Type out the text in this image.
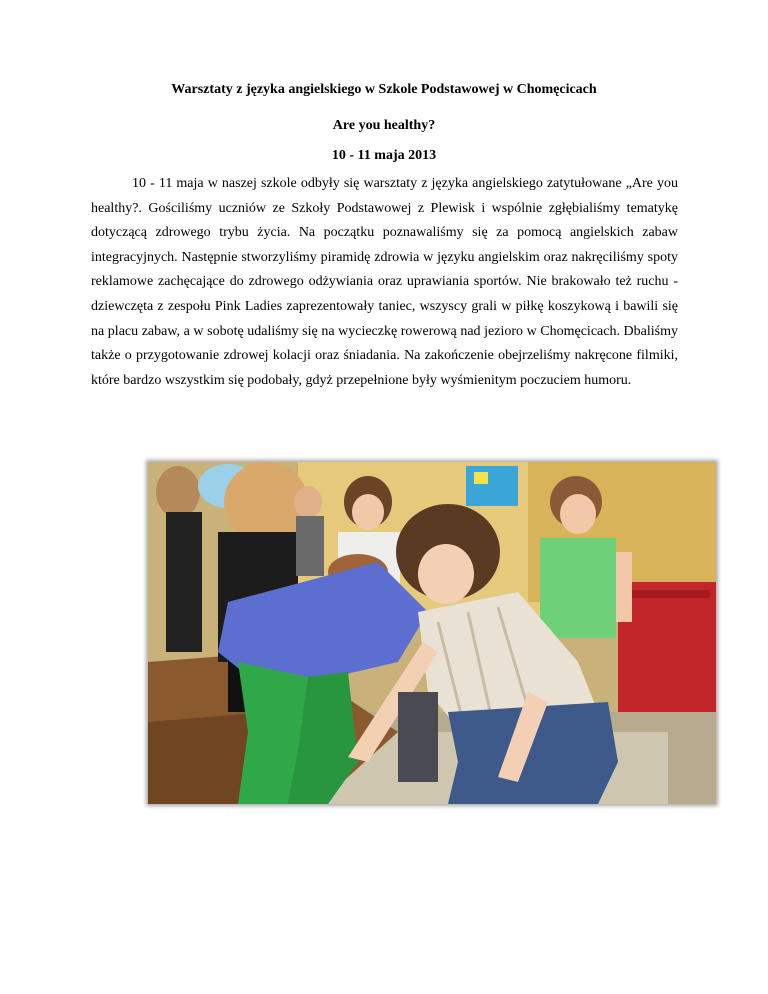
Warsztaty z języka angielskiego w Szkole Podstawowej w Chomęcicach

Are you healthy?

10 - 11 maja 2013

10 - 11 maja w naszej szkole odbyły się warsztaty z języka angielskiego zatytułowane „Are you healthy?. Gościliśmy uczniów ze Szkoły Podstawowej z Plewisk i wspólnie zgłębialiśmy tematykę dotyczącą zdrowego trybu życia. Na początku poznawaliśmy się za pomocą angielskich zabaw integracyjnych. Następnie stworzyliśmy piramidę zdrowia w języku angielskim oraz nakręciliśmy spoty reklamowe zachęcające do zdrowego odżywiania oraz uprawiania sportów. Nie brakowało też ruchu - dziewczęta z zespołu Pink Ladies zaprezentowały taniec, wszyscy grali w piłkę koszykową i bawili się na placu zabaw, a w sobotę udaliśmy się na wycieczkę rowerową nad jezioro w Chomęcicach. Dbaliśmy także o przygotowanie zdrowej kolacji oraz śniadania. Na zakończenie obejrzeliśmy nakręcone filmiki, które bardzo wszystkim się podobały, gdyż przepełnione były wyśmienitym poczuciem humoru.
